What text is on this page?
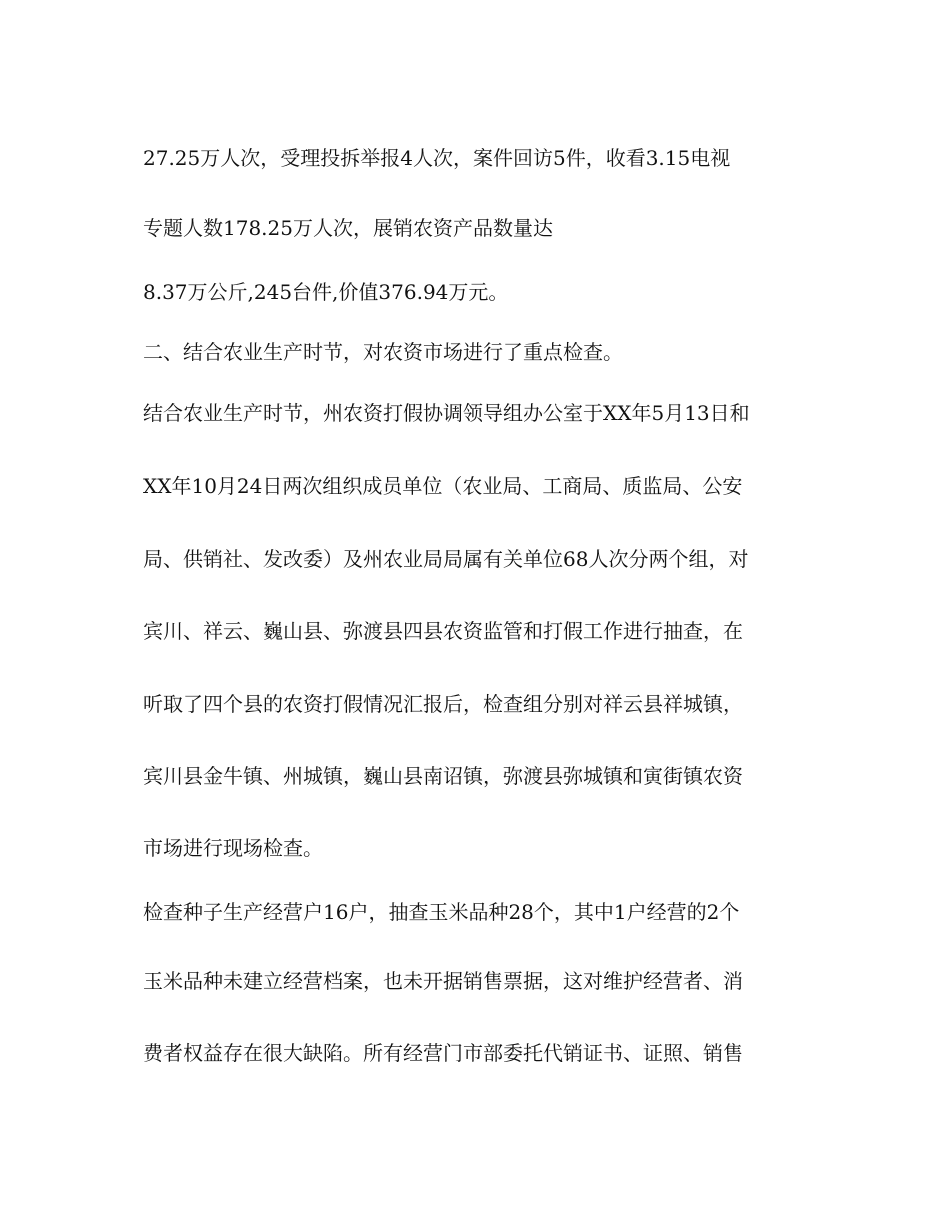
27.25万人次，受理投拆举报4人次，案件回访5件，收看3.15电视
专题人数178.25万人次，展销农资产品数量达
8.37万公斤,245台件,价值376.94万元。
二、结合农业生产时节，对农资市场进行了重点检查。
结合农业生产时节，州农资打假协调领导组办公室于XX年5月13日和
XX年10月24日两次组织成员单位（农业局、工商局、质监局、公安
局、供销社、发改委）及州农业局局属有关单位68人次分两个组，对
宾川、祥云、巍山县、弥渡县四县农资监管和打假工作进行抽查，在
听取了四个县的农资打假情况汇报后，检查组分别对祥云县祥城镇，
宾川县金牛镇、州城镇，巍山县南诏镇，弥渡县弥城镇和寅街镇农资
市场进行现场检查。
检查种子生产经营户16户，抽查玉米品种28个，其中1户经营的2个
玉米品种未建立经营档案，也未开据销售票据，这对维护经营者、消
费者权益存在很大缺陷。所有经营门市部委托代销证书、证照、销售
